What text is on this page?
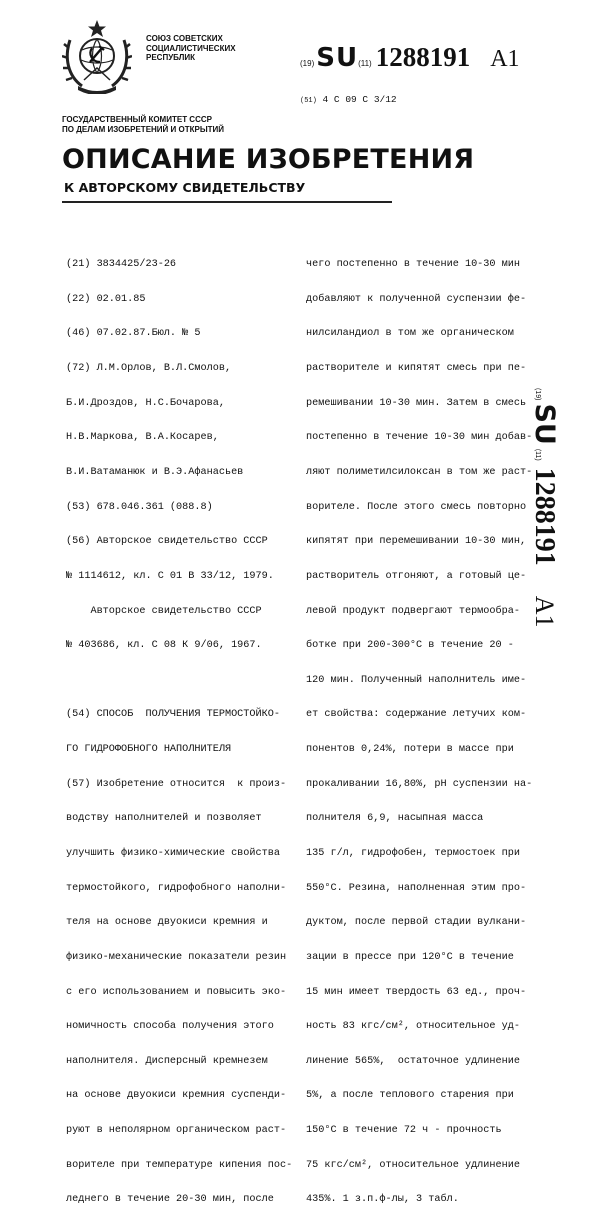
СОЮЗ СОВЕТСКИХ
СОЦИАЛИСТИЧЕСКИХ
РЕСПУБЛИК
(19) SU (11) 1288191 A1
(51) 4 C 09 C 3/12
ГОСУДАРСТВЕННЫЙ КОМИТЕТ СССР
ПО ДЕЛАМ ИЗОБРЕТЕНИЙ И ОТКРЫТИЙ
ОПИСАНИЕ ИЗОБРЕТЕНИЯ
К АВТОРСКОМУ СВИДЕТЕЛЬСТВУ

(21) 3834425/23-26

(22) 02.01.85

(46) 07.02.87.Бюл. № 5

(72) Л.М.Орлов, В.Л.Смолов,

Б.И.Дроздов, Н.С.Бочарова,

Н.В.Маркова, В.А.Косарев,

В.И.Ватаманюк и В.Э.Афанасьев

(53) 678.046.361 (088.8)

(56) Авторское свидетельство СССР

№ 1114612, кл. С 01 В 33/12, 1979.

Авторское свидетельство СССР

№ 403686, кл. С 08 К 9/06, 1967.

(54) СПОСОБ  ПОЛУЧЕНИЯ ТЕРМОСТОЙКО-

ГО ГИДРОФОБНОГО НАПОЛНИТЕЛЯ

(57) Изобретение относится  к произ-

водству наполнителей и позволяет

улучшить физико-химические свойства

термостойкого, гидрофобного наполни-

теля на основе двуокиси кремния и

физико-механические показатели резин

с его использованием и повысить эко-

номичность способа получения этого

наполнителя. Дисперсный кремнезем

на основе двуокиси кремния суспенди-

руют в неполярном органическом раст-

ворителе при температуре кипения пос-

леднего в течение 20-30 мин, после

чего постепенно в течение 10-30 мин

добавляют к полученной суспензии фе-

нилсиландиол в том же органическом

растворителе и кипятят смесь при пе-

ремешивании 10-30 мин. Затем в смесь

постепенно в течение 10-30 мин добав-

ляют полиметилсилоксан в том же раст-

ворителе. После этого смесь повторно

кипятят при перемешивании 10-30 мин,

растворитель отгоняют, а готовый це-

левой продукт подвергают термообра-

ботке при 200-300°С в течение 20 -

120 мин. Полученный наполнитель име-

ет свойства: содержание летучих ком-

понентов 0,24%, потери в массе при

прокаливании 16,80%, рН суспензии на-

полнителя 6,9, насыпная масса

135 г/л, гидрофобен, термостоек при

550°С. Резина, наполненная этим про-

дуктом, после первой стадии вулкани-

зации в прессе при 120°С в течение

15 мин имеет твердость 63 ед., проч-

ность 83 кгс/см², относительное уд-

линение 565%,  остаточное удлинение

5%, а после теплового старения при

150°С в течение 72 ч - прочность

75 кгс/см², относительное удлинение

435%. 1 з.п.ф-лы, 3 табл.

(19)
SU
(11)
1288191
A1
